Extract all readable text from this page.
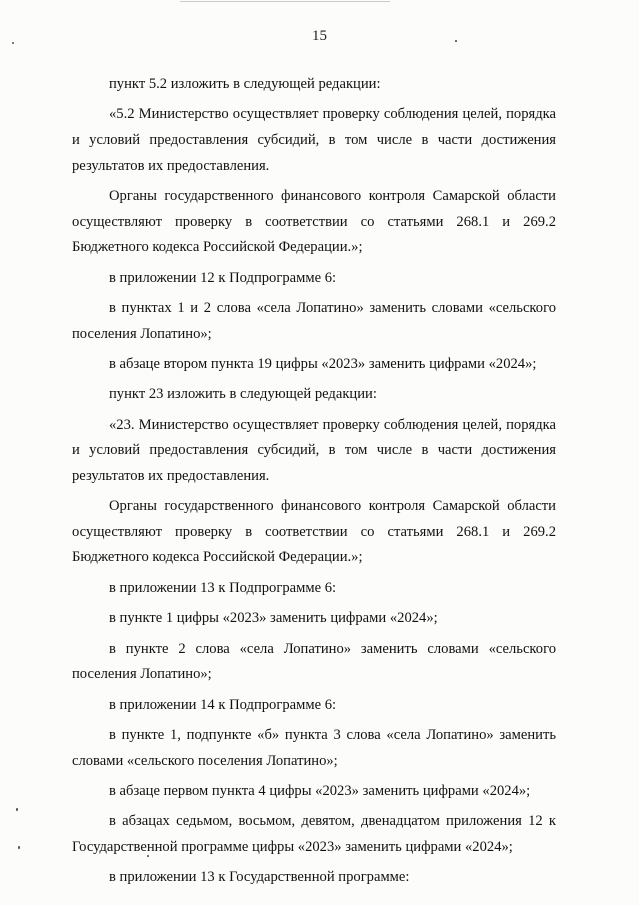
15

пункт 5.2 изложить в следующей редакции:

«5.2 Министерство осуществляет проверку соблюдения целей, порядка и условий предоставления субсидий, в том числе в части достижения результатов их предоставления.

Органы государственного финансового контроля Самарской области осуществляют проверку в соответствии со статьями 268.1 и 269.2 Бюджетного кодекса Российской Федерации.»;

в приложении 12 к Подпрограмме 6:

в пунктах 1 и 2 слова «села Лопатино» заменить словами «сельского поселения Лопатино»;

в абзаце втором пункта 19 цифры «2023» заменить цифрами «2024»;

пункт 23 изложить в следующей редакции:

«23. Министерство осуществляет проверку соблюдения целей, порядка и условий предоставления субсидий, в том числе в части достижения результатов их предоставления.

Органы государственного финансового контроля Самарской области осуществляют проверку в соответствии со статьями 268.1 и 269.2 Бюджетного кодекса Российской Федерации.»;

в приложении 13 к Подпрограмме 6:

в пункте 1 цифры «2023» заменить цифрами «2024»;

в пункте 2 слова «села Лопатино» заменить словами «сельского поселения Лопатино»;

в приложении 14 к Подпрограмме 6:

в пункте 1, подпункте «б» пункта 3 слова «села Лопатино» заменить словами «сельского поселения Лопатино»;

в абзаце первом пункта 4 цифры «2023» заменить цифрами «2024»;

в абзацах седьмом, восьмом, девятом, двенадцатом приложения 12 к Государственной программе цифры «2023» заменить цифрами «2024»;

в приложении 13 к Государственной программе:
